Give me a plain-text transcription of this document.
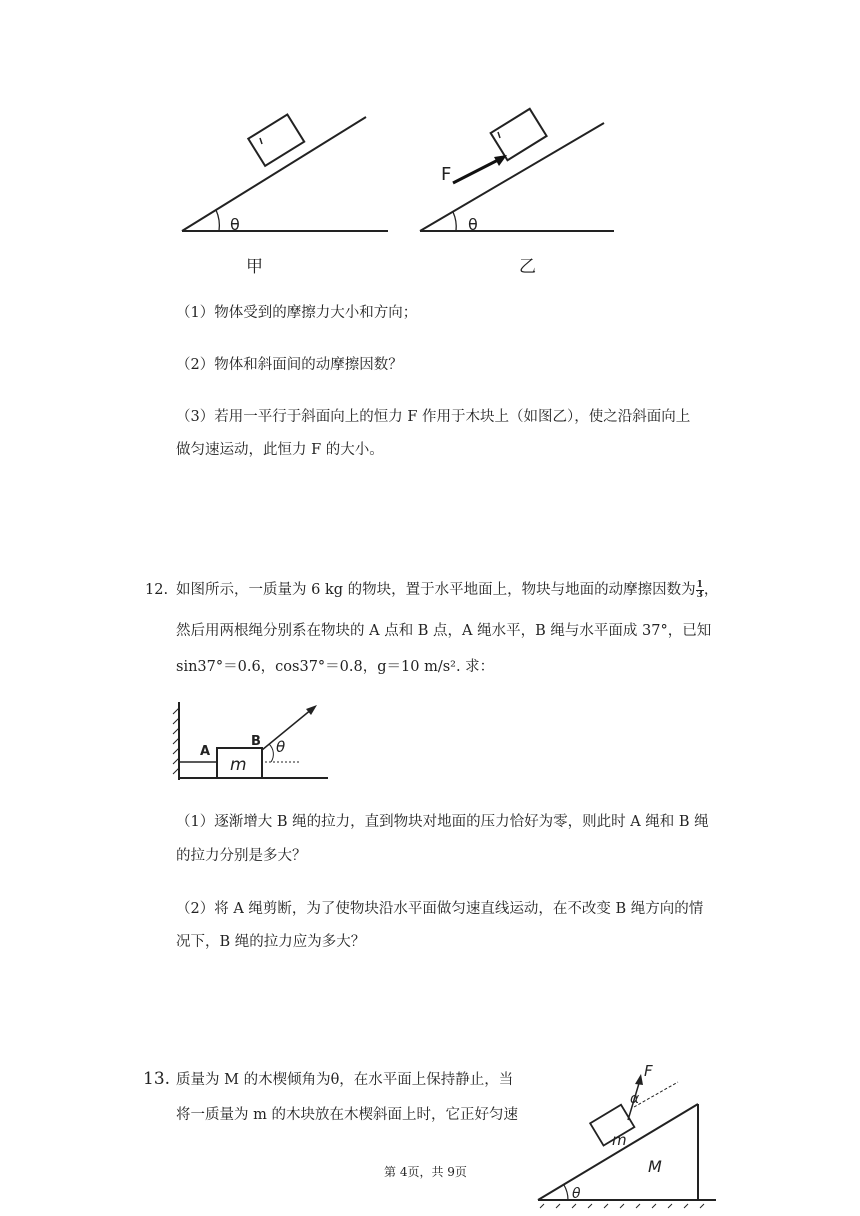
θ
F
θ
甲	乙
（1）物体受到的摩擦力大小和方向；
（2）物体和斜面间的动摩擦因数？
（3）若用一平行于斜面向上的恒力 F 作用于木块上（如图乙），使之沿斜面向上
做匀速运动，此恒力 F 的大小。
12. 如图所示，一质量为 6 kg 的物块，置于水平地面上，物块与地面的动摩擦因数为 $\frac{1}{3}$ ，
然后用两根绳分别系在物块的 A 点和 B 点，A 绳水平，B 绳与水平面成 37°，已知
sin37°＝0.6，cos37°＝0.8，g＝10 m/s². 求：
m
A
B θ
（1）逐渐增大 B 绳的拉力，直到物块对地面的压力恰好为零，则此时 A 绳和 B 绳
的拉力分别是多大？
（2）将 A 绳剪断，为了使物块沿水平面做匀速直线运动，在不改变 B 绳方向的情
况下，B 绳的拉力应为多大？
13. 质量为 M 的木楔倾角为θ，在水平面上保持静止，当
将一质量为 m 的木块放在木楔斜面上时，它正好匀速
m
F
α
M
θ
第 4页，共 9页
